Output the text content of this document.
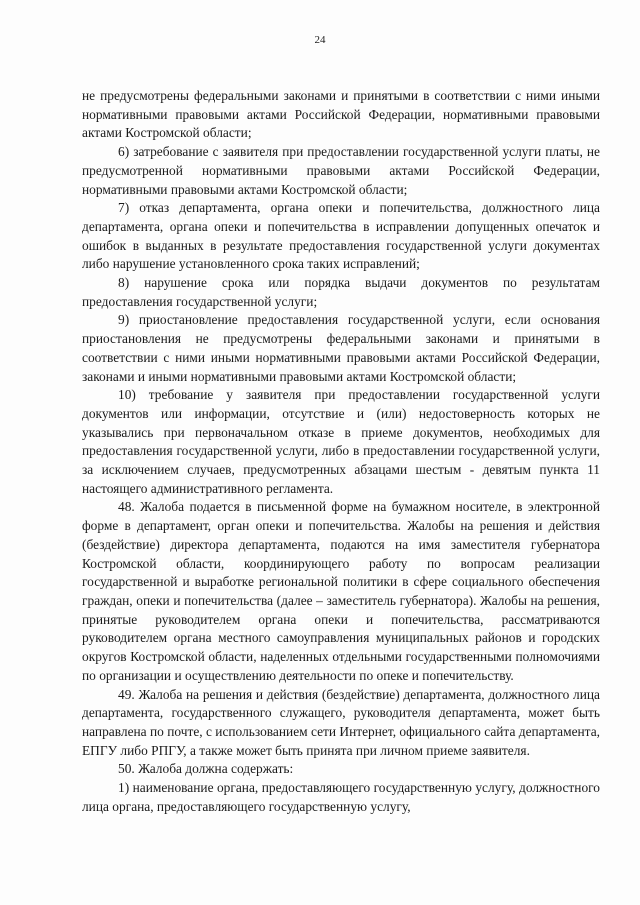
24

не предусмотрены федеральными законами и принятыми в соответствии с ними иными нормативными правовыми актами Российской Федерации, нормативными правовыми актами Костромской области;

6) затребование с заявителя при предоставлении государственной услуги платы, не предусмотренной нормативными правовыми актами Российской Федерации, нормативными правовыми актами Костромской области;

7) отказ департамента, органа опеки и попечительства, должностного лица департамента, органа опеки и попечительства в исправлении допущенных опечаток и ошибок в выданных в результате предоставления государственной услуги документах либо нарушение установленного срока таких исправлений;

8) нарушение срока или порядка выдачи документов по результатам предоставления государственной услуги;

9) приостановление предоставления государственной услуги, если основания приостановления не предусмотрены федеральными законами и принятыми в соответствии с ними иными нормативными правовыми актами Российской Федерации, законами и иными нормативными правовыми актами Костромской области;

10) требование у заявителя при предоставлении государственной услуги документов или информации, отсутствие и (или) недостоверность которых не указывались при первоначальном отказе в приеме документов, необходимых для предоставления государственной услуги, либо в предоставлении государственной услуги, за исключением случаев, предусмотренных абзацами шестым - девятым пункта 11 настоящего административного регламента.

48. Жалоба подается в письменной форме на бумажном носителе, в электронной форме в департамент, орган опеки и попечительства. Жалобы на решения и действия (бездействие) директора департамента, подаются на имя заместителя губернатора Костромской области, координирующего работу по вопросам реализации государственной и выработке региональной политики в сфере социального обеспечения граждан, опеки и попечительства (далее – заместитель губернатора). Жалобы на решения, принятые руководителем органа опеки и попечительства, рассматриваются руководителем органа местного самоуправления муниципальных районов и городских округов Костромской области, наделенных отдельными государственными полномочиями по организации и осуществлению деятельности по опеке и попечительству.

49. Жалоба на решения и действия (бездействие) департамента, должностного лица департамента, государственного служащего, руководителя департамента, может быть направлена по почте, с использованием сети Интернет, официального сайта департамента, ЕПГУ либо РПГУ, а также может быть принята при личном приеме заявителя.

50. Жалоба должна содержать:

1) наименование органа, предоставляющего государственную услугу, должностного лица органа, предоставляющего государственную услугу,
